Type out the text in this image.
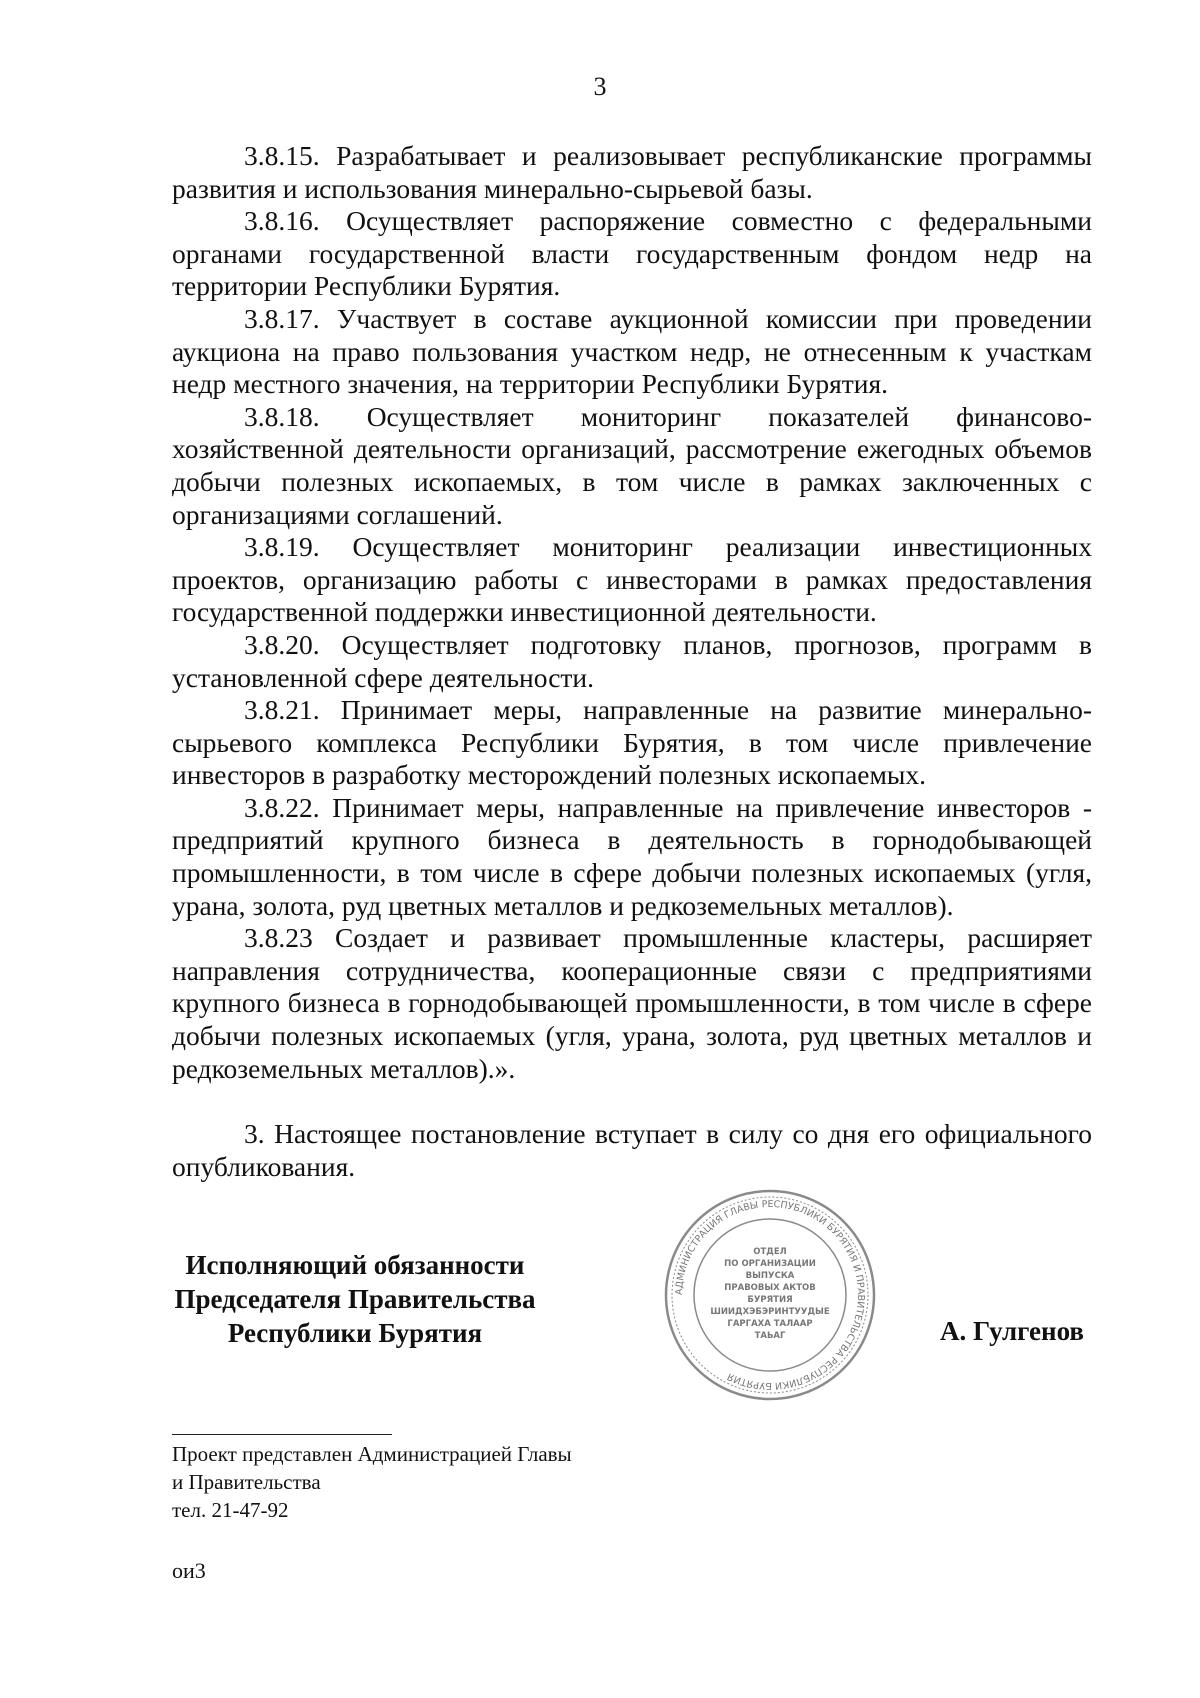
3

3.8.15. Разрабатывает и реализовывает республиканские программы развития и использования минерально-сырьевой базы.

3.8.16. Осуществляет распоряжение совместно с федеральными органами государственной власти государственным фондом недр на территории Республики Бурятия.

3.8.17. Участвует в составе аукционной комиссии при проведении аукциона на право пользования участком недр, не отнесенным к участкам недр местного значения, на территории Республики Бурятия.

3.8.18. Осуществляет мониторинг показателей финансово-хозяйственной деятельности организаций, рассмотрение ежегодных объемов добычи полезных ископаемых, в том числе в рамках заключенных с организациями соглашений.

3.8.19. Осуществляет мониторинг реализации инвестиционных проектов, организацию работы с инвесторами в рамках предоставления государственной поддержки инвестиционной деятельности.

3.8.20. Осуществляет подготовку планов, прогнозов, программ в установленной сфере деятельности.

3.8.21. Принимает меры, направленные на развитие минерально-сырьевого комплекса Республики Бурятия, в том числе привлечение инвесторов в разработку месторождений полезных ископаемых.

3.8.22. Принимает меры, направленные на привлечение инвесторов - предприятий крупного бизнеса в деятельность в горнодобывающей промышленности, в том числе в сфере добычи полезных ископаемых (угля, урана, золота, руд цветных металлов и редкоземельных металлов).

3.8.23 Создает и развивает промышленные кластеры, расширяет направления сотрудничества, кооперационные связи с предприятиями крупного бизнеса в горнодобывающей промышленности, в том числе в сфере добычи полезных ископаемых (угля, урана, золота, руд цветных металлов и редкоземельных металлов).».

3. Настоящее постановление вступает в силу со дня его официального опубликования.

Исполняющий обязанности
Председателя Правительства
Республики Бурятия
АДМИНИСТРАЦИЯ ГЛАВЫ РЕСПУБЛИКИ БУРЯТИЯ И ПРАВИТЕЛЬСТВА РЕСПУБЛИКИ БУРЯТИЯ
ОТДЕЛ
ПО ОРГАНИЗАЦИИ
ВЫПУСКА
ПРАВОВЫХ АКТОВ
БУРЯТИЯ
ШИИДХЭБЭРИНТУУДЫЕ
ГАРГАХА ТАЛААР
ТАЬАГ	А. Гулгенов
Проект представлен Администрацией Главы
и Правительства
тел. 21-47-92
ои3
